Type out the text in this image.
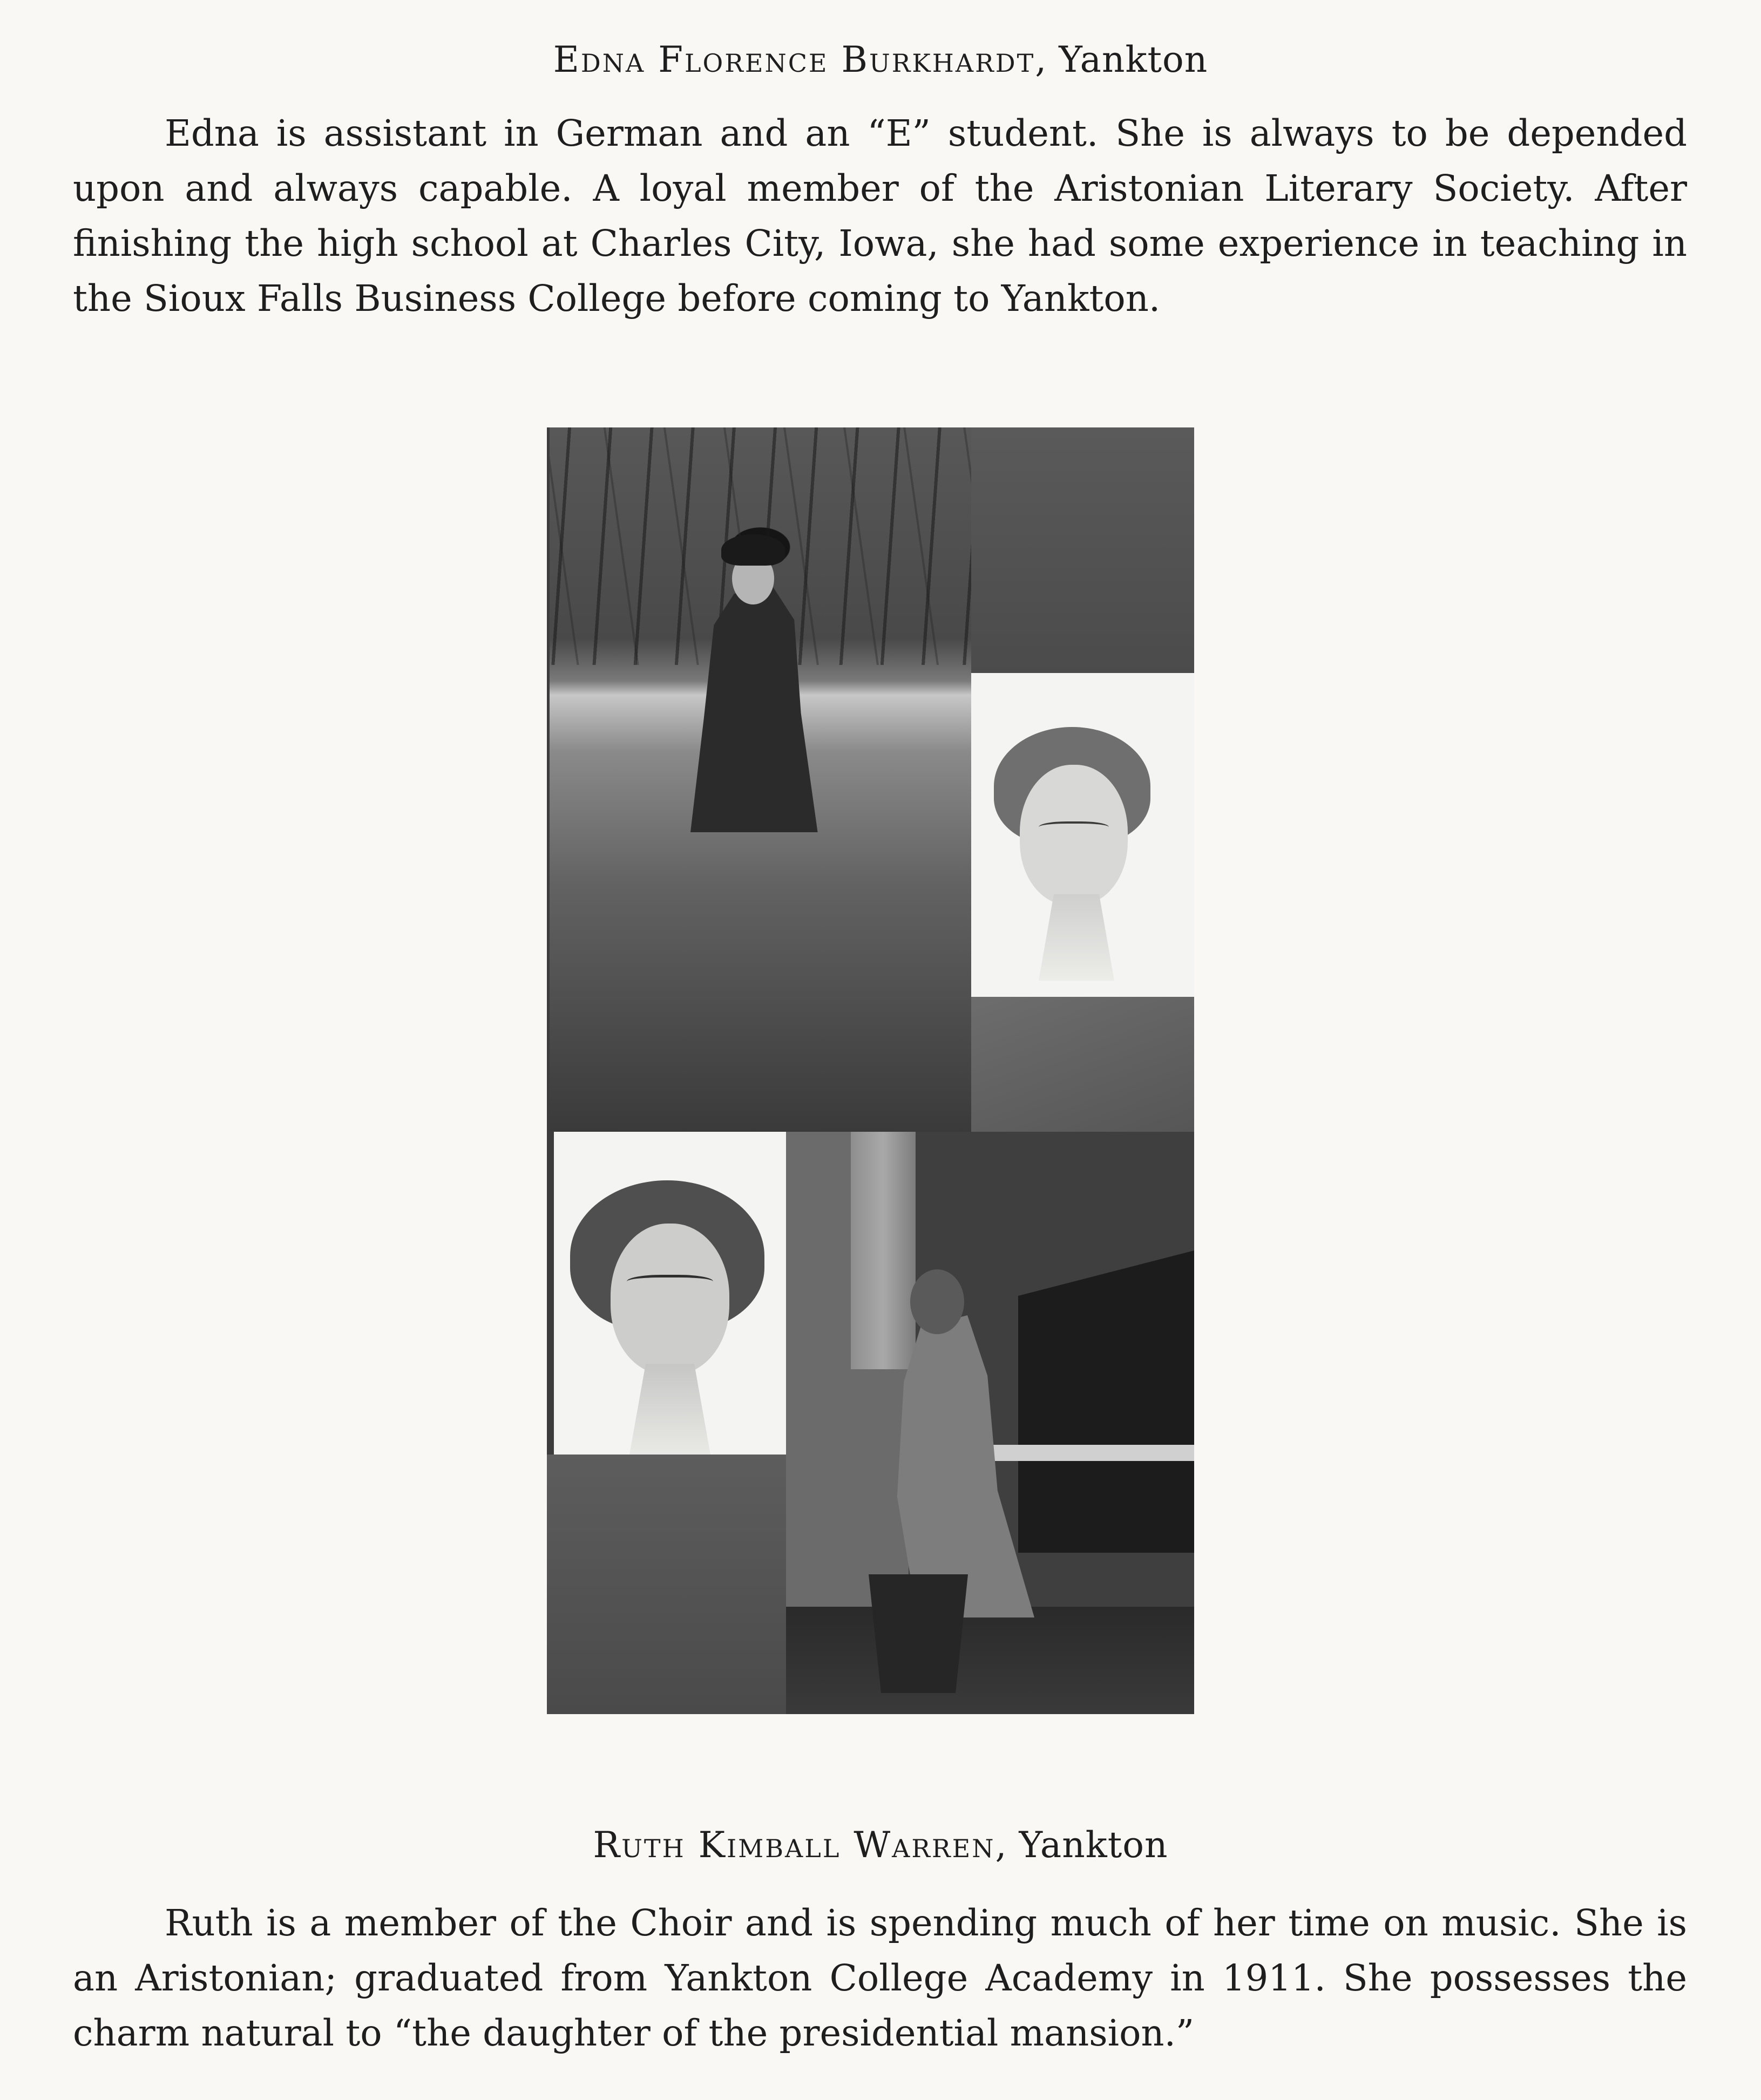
Edna Florence Burkhardt, Yankton

Edna is assistant in German and an “E” student. She is always to be depended upon and always capable. A loyal member of the Aristonian Literary Society. After finishing the high school at Charles City, Iowa, she had some experience in teaching in the Sioux Falls Business College before coming to Yankton.

Ruth Kimball Warren, Yankton

Ruth is a member of the Choir and is spending much of her time on music. She is an Aristonian; graduated from Yankton College Academy in 1911. She possesses the charm natural to “the daughter of the presidential mansion.”
